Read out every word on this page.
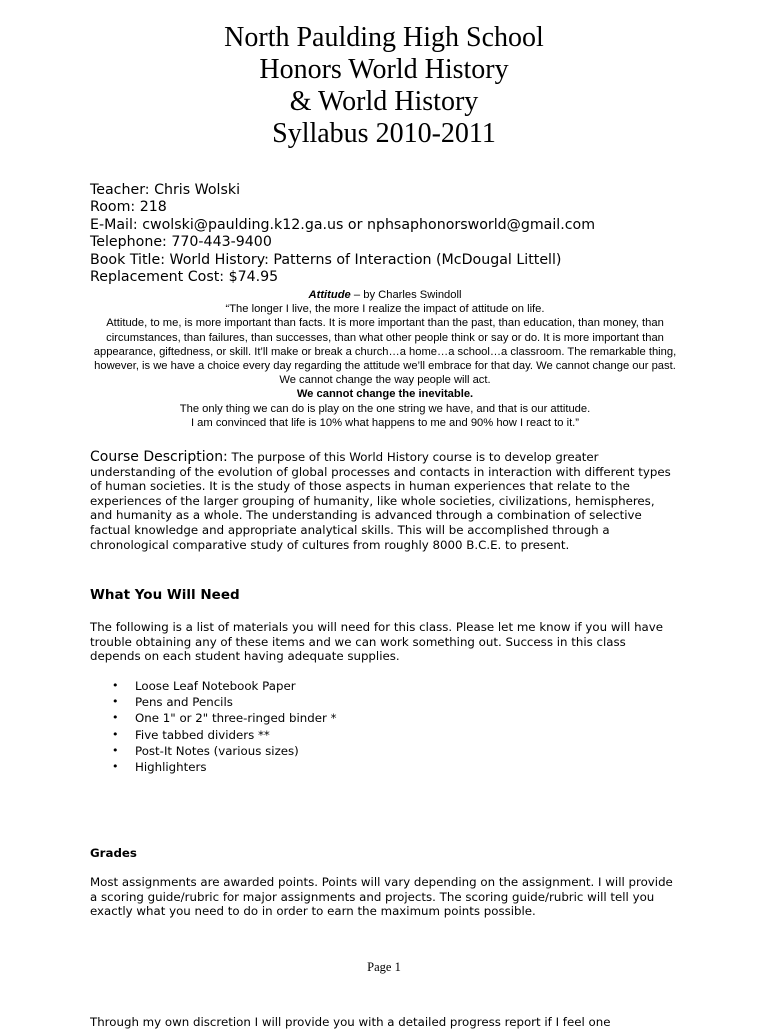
North Paulding High School
Honors World History
& World History
Syllabus 2010-2011
Teacher: Chris Wolski
Room: 218
E-Mail: cwolski@paulding.k12.ga.us or nphsaphonorsworld@gmail.com
Telephone: 770-443-9400
Book Title: World History: Patterns of Interaction (McDougal Littell)
Replacement Cost: $74.95
Attitude – by Charles Swindoll
“The longer I live, the more I realize the impact of attitude on life.
Attitude, to me, is more important than facts. It is more important than the past, than education, than money, than circumstances, than failures, than successes, than what other people think or say or do. It is more important than appearance, giftedness, or skill. It’ll make or break a church…a home…a school…a classroom. The remarkable thing, however, is we have a choice every day regarding the attitude we’ll embrace for that day. We cannot change our past. We cannot change the way people will act.
We cannot change the inevitable.
The only thing we can do is play on the one string we have, and that is our attitude.
I am convinced that life is 10% what happens to me and 90% how I react to it.”
Course Description: The purpose of this World History course is to develop greater understanding of the evolution of global processes and contacts in interaction with different types of human societies. It is the study of those aspects in human experiences that relate to the experiences of the larger grouping of humanity, like whole societies, civilizations, hemispheres, and humanity as a whole. The understanding is advanced through a combination of selective factual knowledge and appropriate analytical skills. This will be accomplished through a chronological comparative study of cultures from roughly 8000 B.C.E. to present.
What You Will Need
The following is a list of materials you will need for this class. Please let me know if you will have trouble obtaining any of these items and we can work something out. Success in this class depends on each student having adequate supplies.
• Loose Leaf Notebook Paper
• Pens and Pencils
• One 1" or 2" three-ringed binder *
• Five tabbed dividers **
• Post-It Notes (various sizes)
• Highlighters
Grades
Most assignments are awarded points. Points will vary depending on the assignment. I will provide a scoring guide/rubric for major assignments and projects. The scoring guide/rubric will tell you exactly what you need to do in order to earn the maximum points possible.
Page 1
Through my own discretion I will provide you with a detailed progress report if I feel one
